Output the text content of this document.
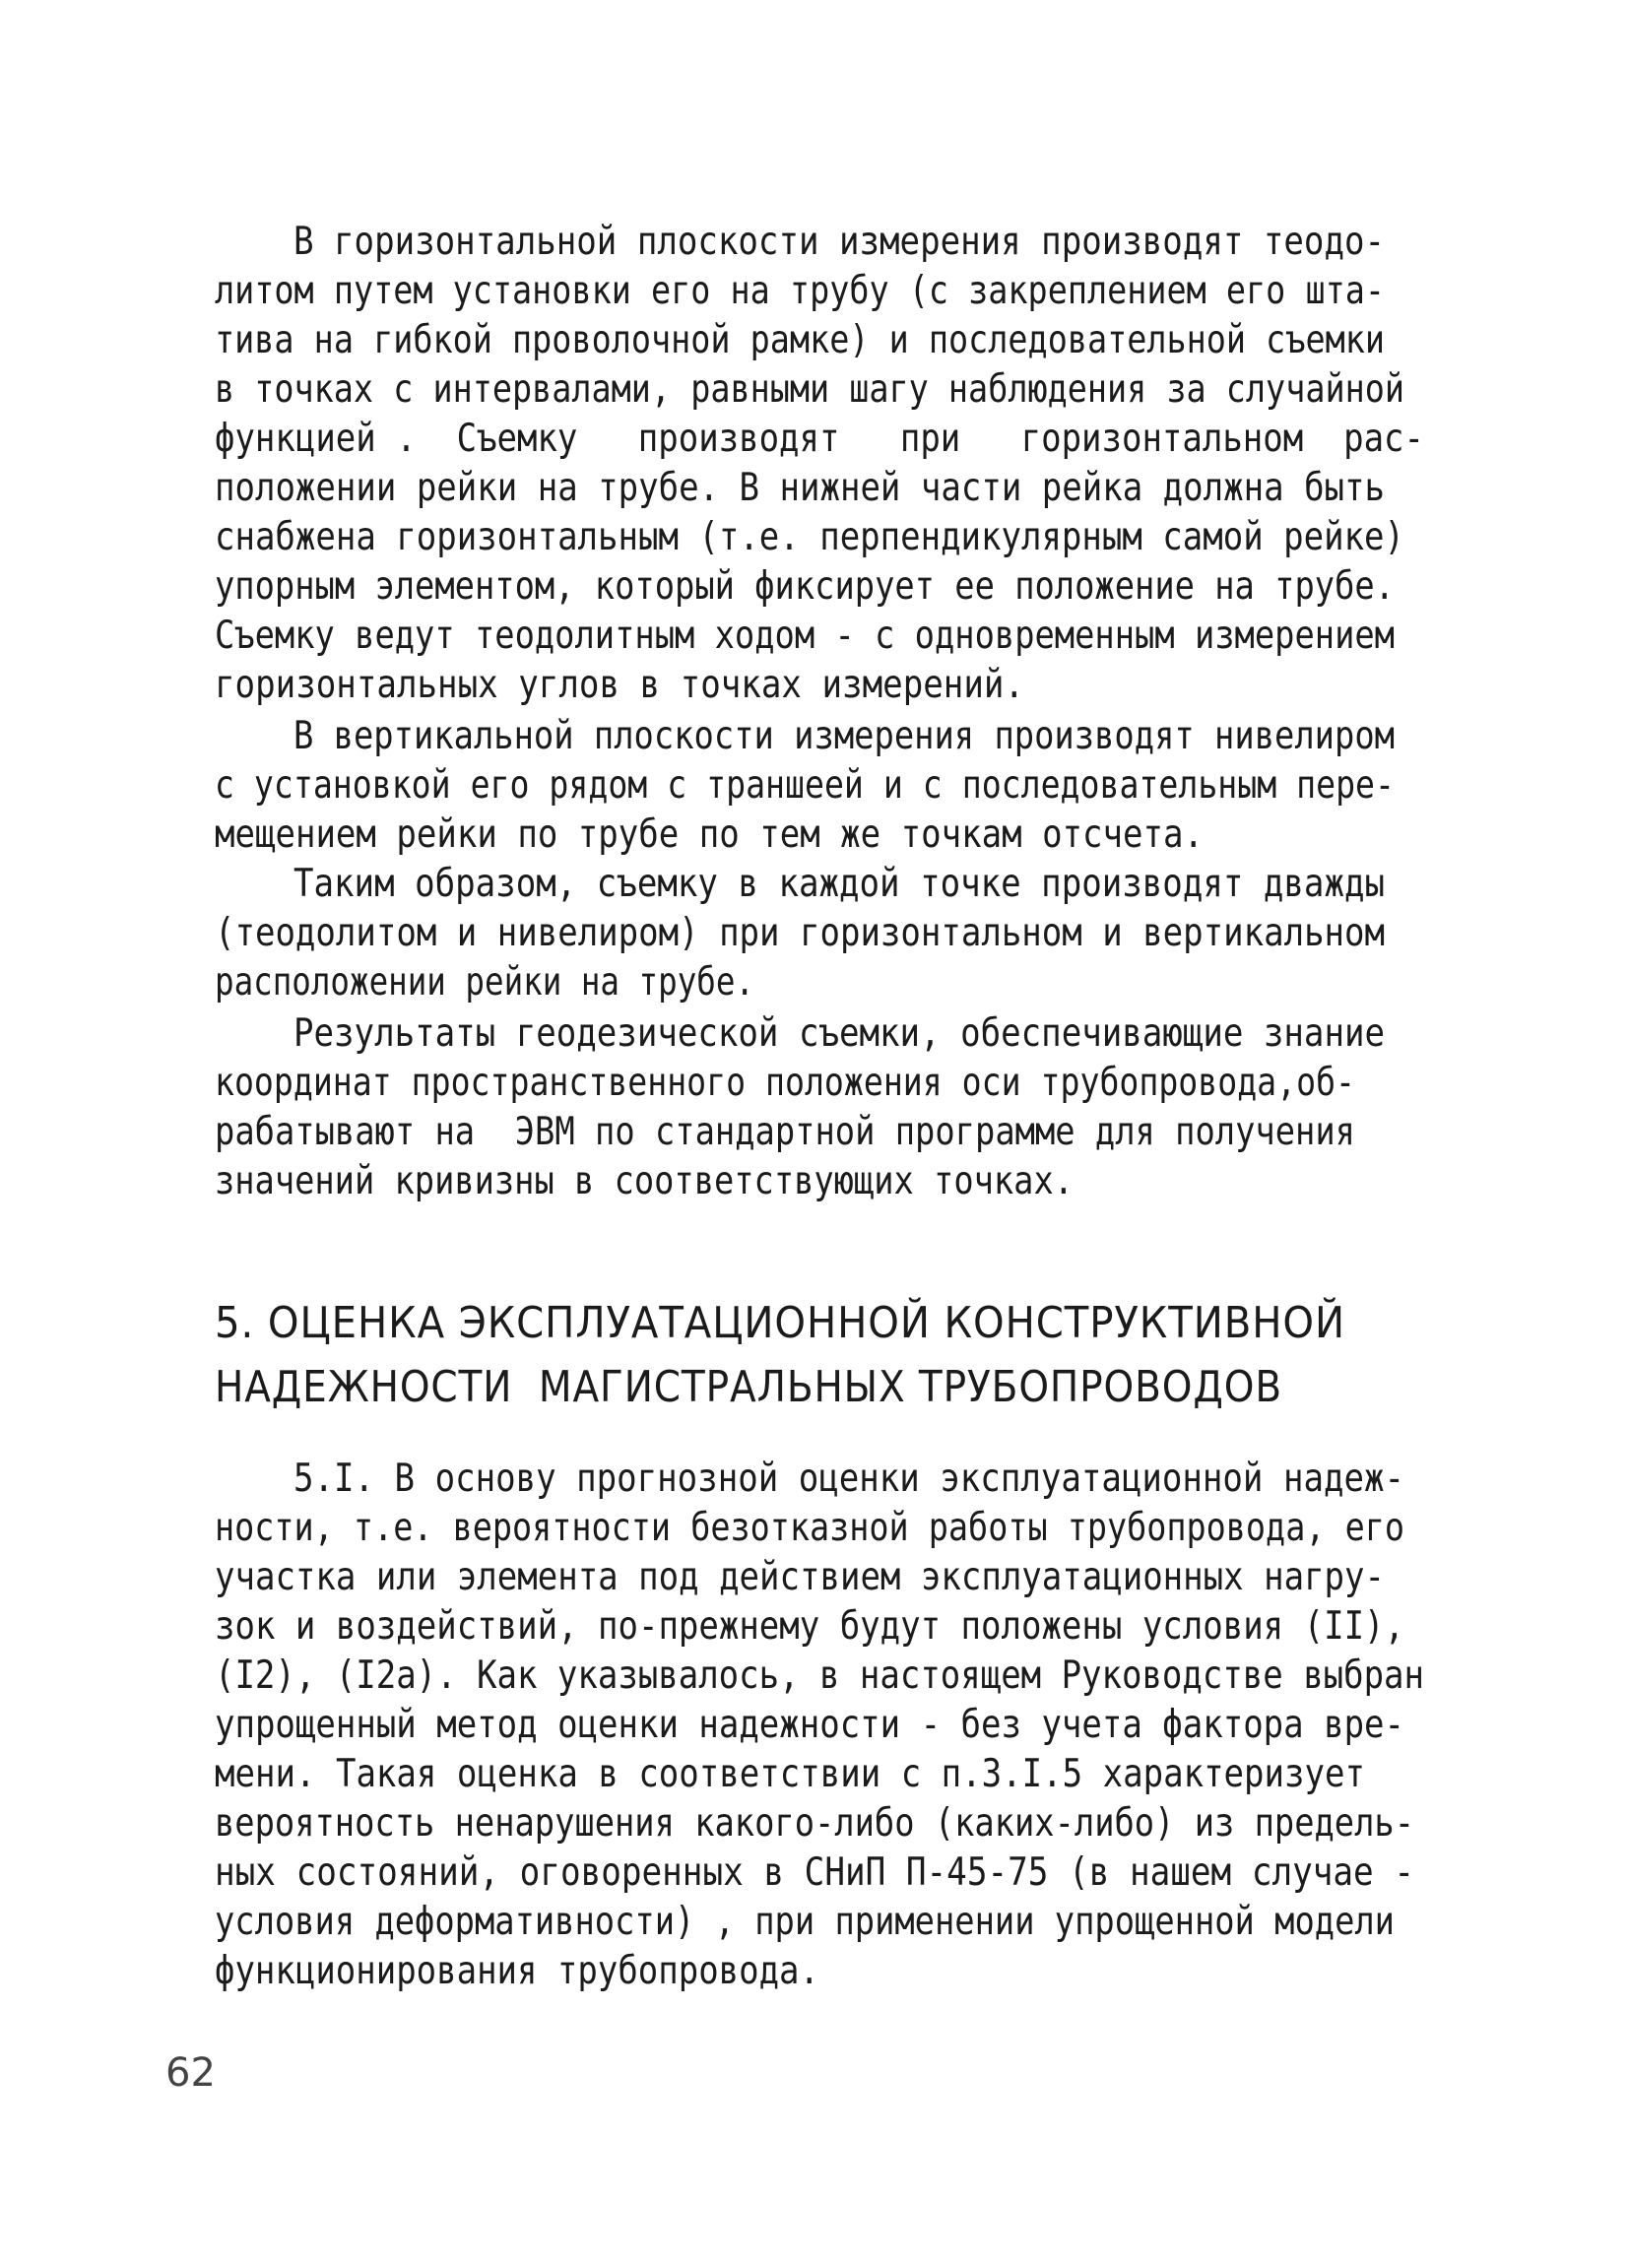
В горизонтальной плоскости измерения производят теодо-
литом путем установки его на трубу (с закреплением его шта-
тива на гибкой проволочной рамке) и последовательной съемки
в точках с интервалами, равными шагу наблюдения за случайной
функцией .  Съемку   производят   при   горизонтальном  рас-
положении рейки на трубе. В нижней части рейка должна быть
снабжена горизонтальным (т.е. перпендикулярным самой рейке)
упорным элементом, который фиксирует ее положение на трубе.
Съемку ведут теодолитным ходом - с одновременным измерением
горизонтальных углов в точках измерений.
В вертикальной плоскости измерения производят нивелиром
с установкой его рядом с траншеей и с последовательным пере-
мещением рейки по трубе по тем же точкам отсчета.
Таким образом, съемку в каждой точке производят дважды
(теодолитом и нивелиром) при горизонтальном и вертикальном
расположении рейки на трубе.
Результаты геодезической съемки, обеспечивающие знание
координат пространственного положения оси трубопровода,об-
рабатывают на  ЭВМ по стандартной программе для получения
значений кривизны в соответствующих точках.
5. ОЦЕНКА ЭКСПЛУАТАЦИОННОЙ КОНСТРУКТИВНОЙ
НАДЕЖНОСТИ  МАГИСТРАЛЬНЫХ ТРУБОПРОВОДОВ
5.I. В основу прогнозной оценки эксплуатационной надеж-
ности, т.е. вероятности безотказной работы трубопровода, его
участка или элемента под действием эксплуатационных нагру-
зок и воздействий, по-прежнему будут положены условия (II),
(I2), (I2а). Как указывалось, в настоящем Руководстве выбран
упрощенный метод оценки надежности - без учета фактора вре-
мени. Такая оценка в соответствии с п.3.I.5 характеризует
вероятность ненарушения какого-либо (каких-либо) из предель-
ных состояний, оговоренных в СНиП П-45-75 (в нашем случае -
условия деформативности) , при применении упрощенной модели
функционирования трубопровода.
62
